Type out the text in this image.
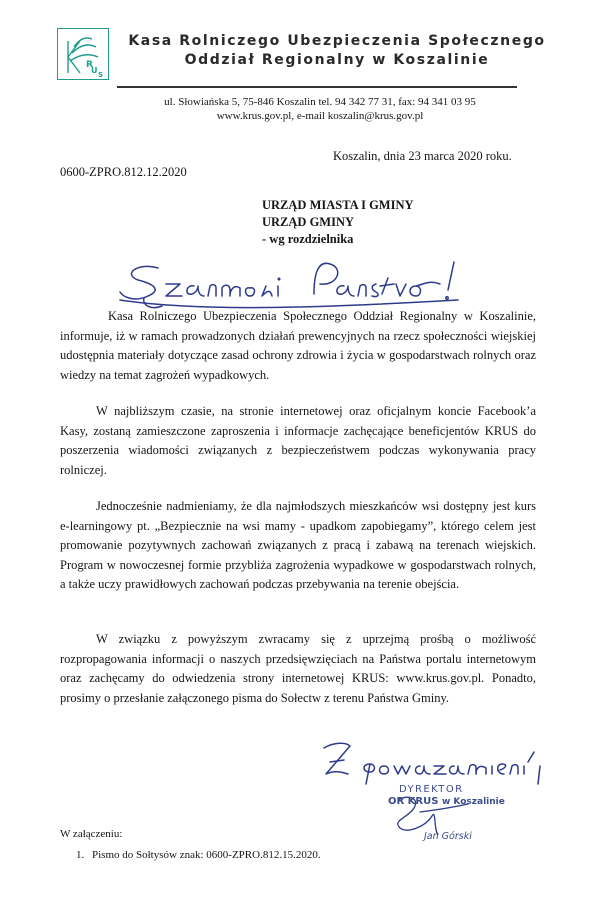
R
U S
Kasa Rolniczego Ubezpieczenia Społecznego
Oddział Regionalny w Koszalinie
ul. Słowiańska 5, 75-846 Koszalin tel. 94 342 77 31, fax: 94 341 03 95
www.krus.gov.pl, e-mail koszalin@krus.gov.pl
Koszalin, dnia 23 marca 2020 roku.
0600-ZPRO.812.12.2020
URZĄD MIASTA I GMINY
URZĄD GMINY
- wg rozdzielnika

Kasa Rolniczego Ubezpieczenia Społecznego Oddział Regionalny w Koszalinie, informuje, iż w ramach prowadzonych działań prewencyjnych na rzecz społeczności wiejskiej udostępnia materiały dotyczące zasad ochrony zdrowia i życia w gospodarstwach rolnych oraz wiedzy na temat zagrożeń wypadkowych.

W najbliższym czasie, na stronie internetowej oraz oficjalnym koncie Facebook’a Kasy, zostaną zamieszczone zaproszenia i informacje zachęcające beneficjentów KRUS do poszerzenia wiadomości związanych z bezpieczeństwem podczas wykonywania pracy rolniczej.

Jednocześnie nadmieniamy, że dla najmłodszych mieszkańców wsi dostępny jest kurs e-learningowy pt. „Bezpiecznie na wsi mamy - upadkom zapobiegamy”, którego celem jest promowanie pozytywnych zachowań związanych z pracą i zabawą na terenach wiejskich. Program w nowoczesnej formie przybliża zagrożenia wypadkowe w gospodarstwach rolnych, a także uczy prawidłowych zachowań podczas przebywania na terenie obejścia.

W związku z powyższym zwracamy się z uprzejmą prośbą o możliwość rozpropagowania informacji o naszych przedsięwzięciach na Państwa portalu internetowym oraz zachęcamy do odwiedzenia strony internetowej KRUS: www.krus.gov.pl. Ponadto, prosimy o przesłanie załączonego pisma do Sołectw z terenu Państwa Gminy.

DYREKTOR
OR KRUS w Koszalinie
Jan Górski
W załączeniu:
1. Pismo do Sołtysów znak: 0600-ZPRO.812.15.2020.
